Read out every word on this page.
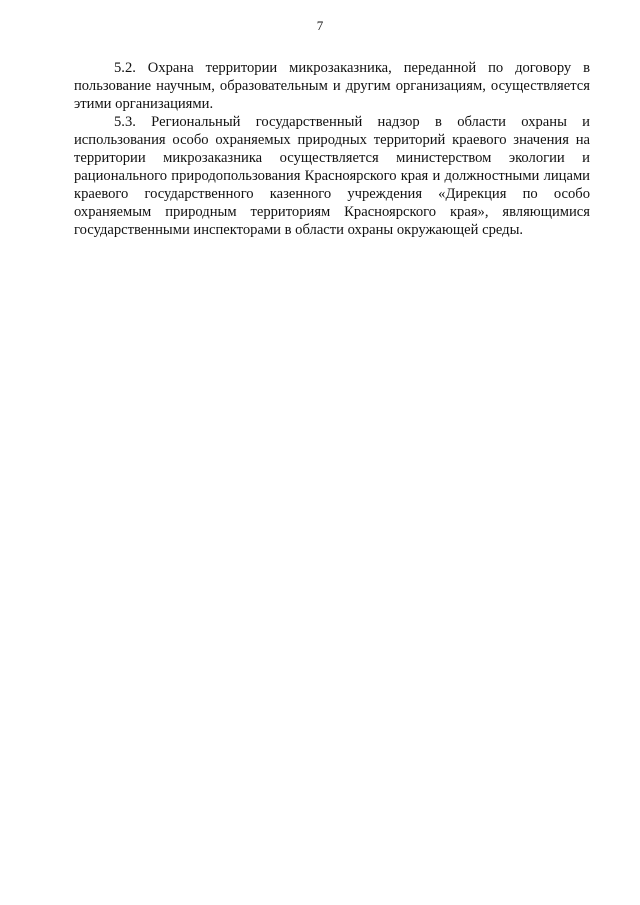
7

5.2. Охрана территории микрозаказника, переданной по договору в пользование научным, образовательным и другим организациям, осуществляется этими организациями.

5.3. Региональный государственный надзор в области охраны и использования особо охраняемых природных территорий краевого значения на территории микрозаказника осуществляется министерством экологии и рационального природопользования Красноярского края и должностными лицами краевого государственного казенного учреждения «Дирекция по особо охраняемым природным территориям Красноярского края», являющимися государственными инспекторами в области охраны окружающей среды.
